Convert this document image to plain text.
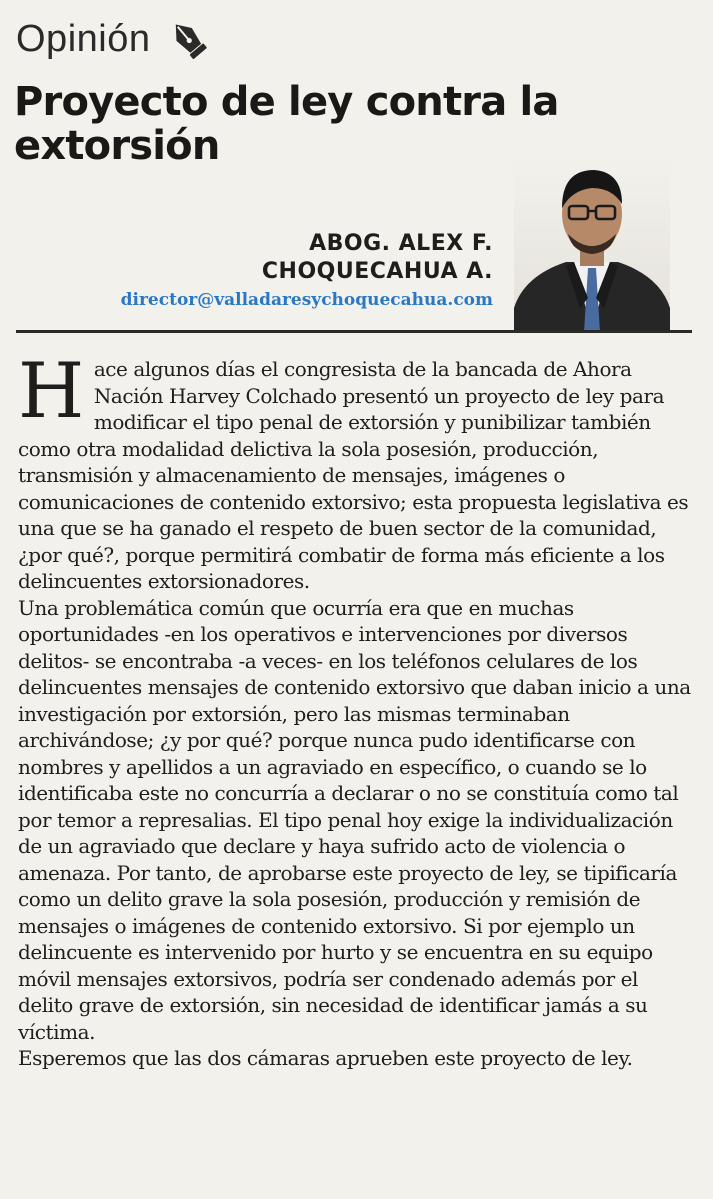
Opinión
Proyecto de ley contra la extorsión
ABOG. ALEX F.
CHOQUECAHUA A.
director@valladaresychoquecahua.com

Hace algunos días el congresista de la bancada de Ahora Nación Harvey Colchado presentó un proyecto de ley para modificar el tipo penal de extorsión y punibilizar también como otra modalidad delictiva la sola posesión, producción, transmisión y almacenamiento de mensajes, imágenes o comunicaciones de contenido extorsivo; esta propuesta legislativa es una que se ha ganado el respeto de buen sector de la comunidad, ¿por qué?, porque permitirá combatir de forma más eficiente a los delincuentes extorsionadores.

Una problemática común que ocurría era que en muchas oportunidades -en los operativos e intervenciones por diversos delitos- se encontraba -a veces- en los teléfonos celulares de los delincuentes mensajes de contenido extorsivo que daban inicio a una investigación por extorsión, pero las mismas terminaban archivándose; ¿y por qué? porque nunca pudo identificarse con nombres y apellidos a un agraviado en específico, o cuando se lo identificaba este no concurría a declarar o no se constituía como tal por temor a represalias. El tipo penal hoy exige la individualización de un agraviado que declare y haya sufrido acto de violencia o amenaza. Por tanto, de aprobarse este proyecto de ley, se tipificaría como un delito grave la sola posesión, producción y remisión de mensajes o imágenes de contenido extorsivo. Si por ejemplo un delincuente es intervenido por hurto y se encuentra en su equipo móvil mensajes extorsivos, podría ser condenado además por el delito grave de extorsión, sin necesidad de identificar jamás a su víctima.

Esperemos que las dos cámaras aprueben este proyecto de ley.
